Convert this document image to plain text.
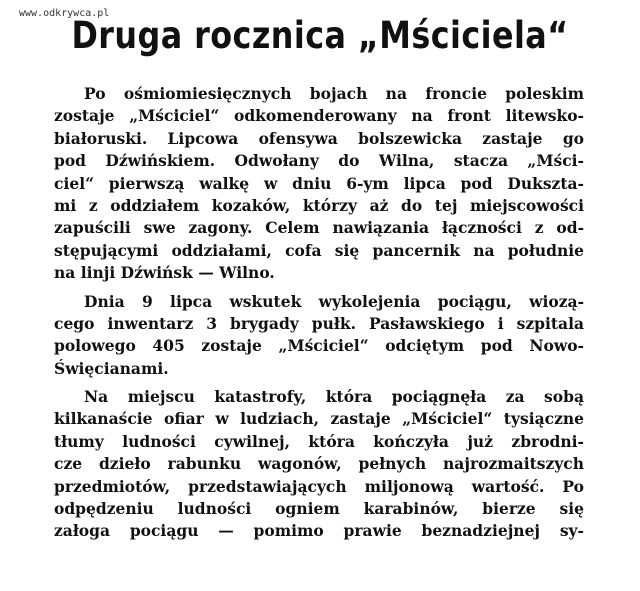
www.odkrywca.pl
Druga rocznica „Mściciela“
Po ośmiomiesięcznych bojach na froncie poleskim
zostaje „Mściciel“ odkomenderowany na front litewsko-
białoruski. Lipcowa ofensywa bolszewicka zastaje go
pod Dźwińskiem. Odwołany do Wilna, stacza „Mści-
ciel“ pierwszą walkę w dniu 6-ym lipca pod Dukszta-
mi z oddziałem kozaków, którzy aż do tej miejscowości
zapuścili swe zagony. Celem nawiązania łączności z od-
stępującymi oddziałami, cofa się pancernik na południe
na linji Dźwińsk — Wilno.
Dnia 9 lipca wskutek wykolejenia pociągu, wiozą-
cego inwentarz 3 brygady pułk. Pasławskiego i szpitala
polowego 405 zostaje „Mściciel“ odciętym pod Nowo-
Święcianami.
Na miejscu katastrofy, która pociągnęła za sobą
kilkanaście ofiar w ludziach, zastaje „Mściciel“ tysiączne
tłumy ludności cywilnej, która kończyła już zbrodni-
cze dzieło rabunku wagonów, pełnych najrozmaitszych
przedmiotów, przedstawiających miljonową wartość. Po
odpędzeniu ludności ogniem karabinów, bierze się
załoga pociągu — pomimo prawie beznadziejnej sy-
